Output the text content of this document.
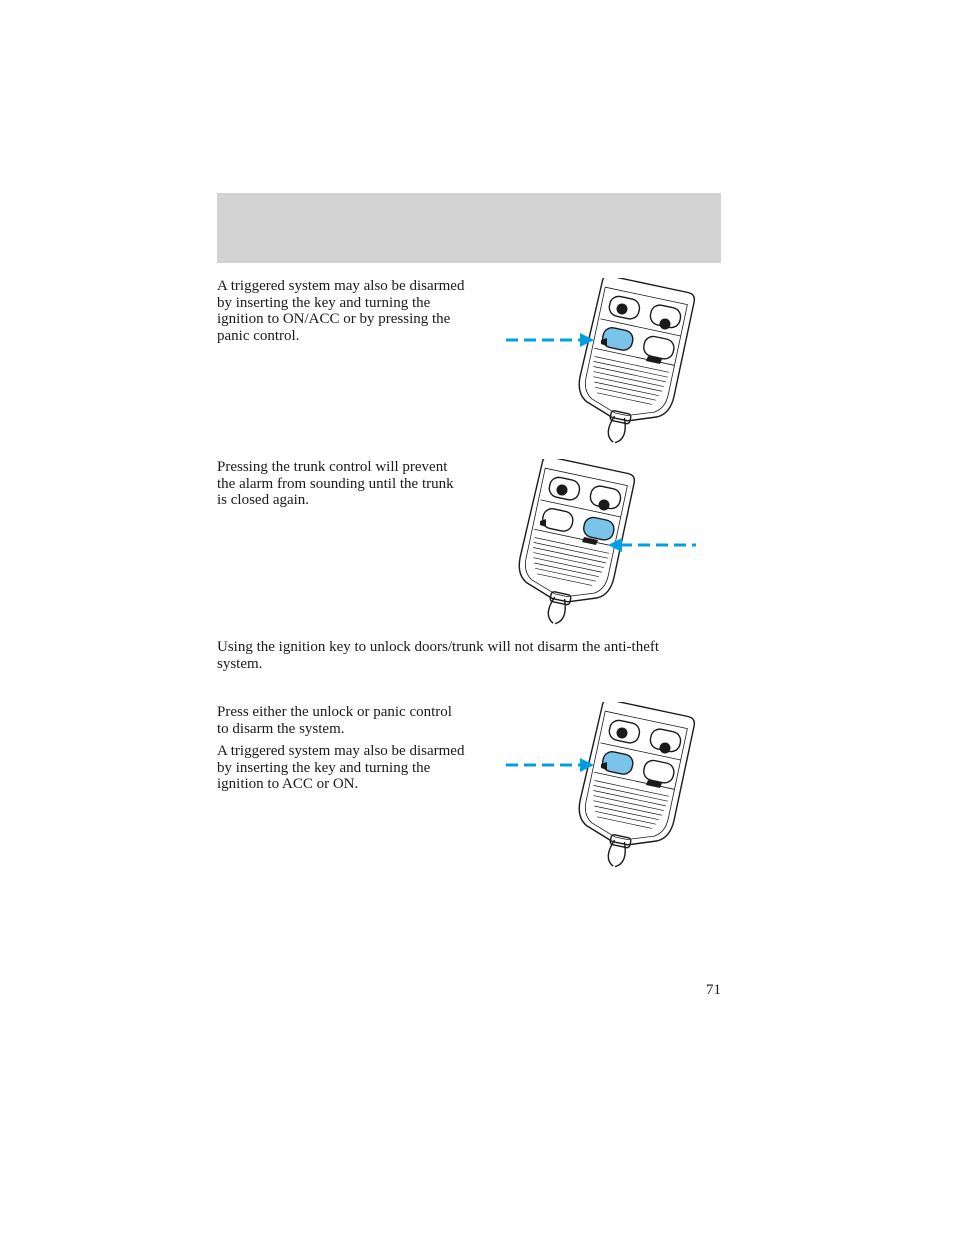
A triggered system may also be disarmed by inserting the key and turning the ignition to ON/ACC or by pressing the panic control.

Pressing the trunk control will prevent the alarm from sounding until the trunk is closed again.

Using the ignition key to unlock doors/trunk will not disarm the anti-theft system.

Press either the unlock or panic control to disarm the system.

A triggered system may also be disarmed by inserting the key and turning the ignition to ACC or ON.

71
